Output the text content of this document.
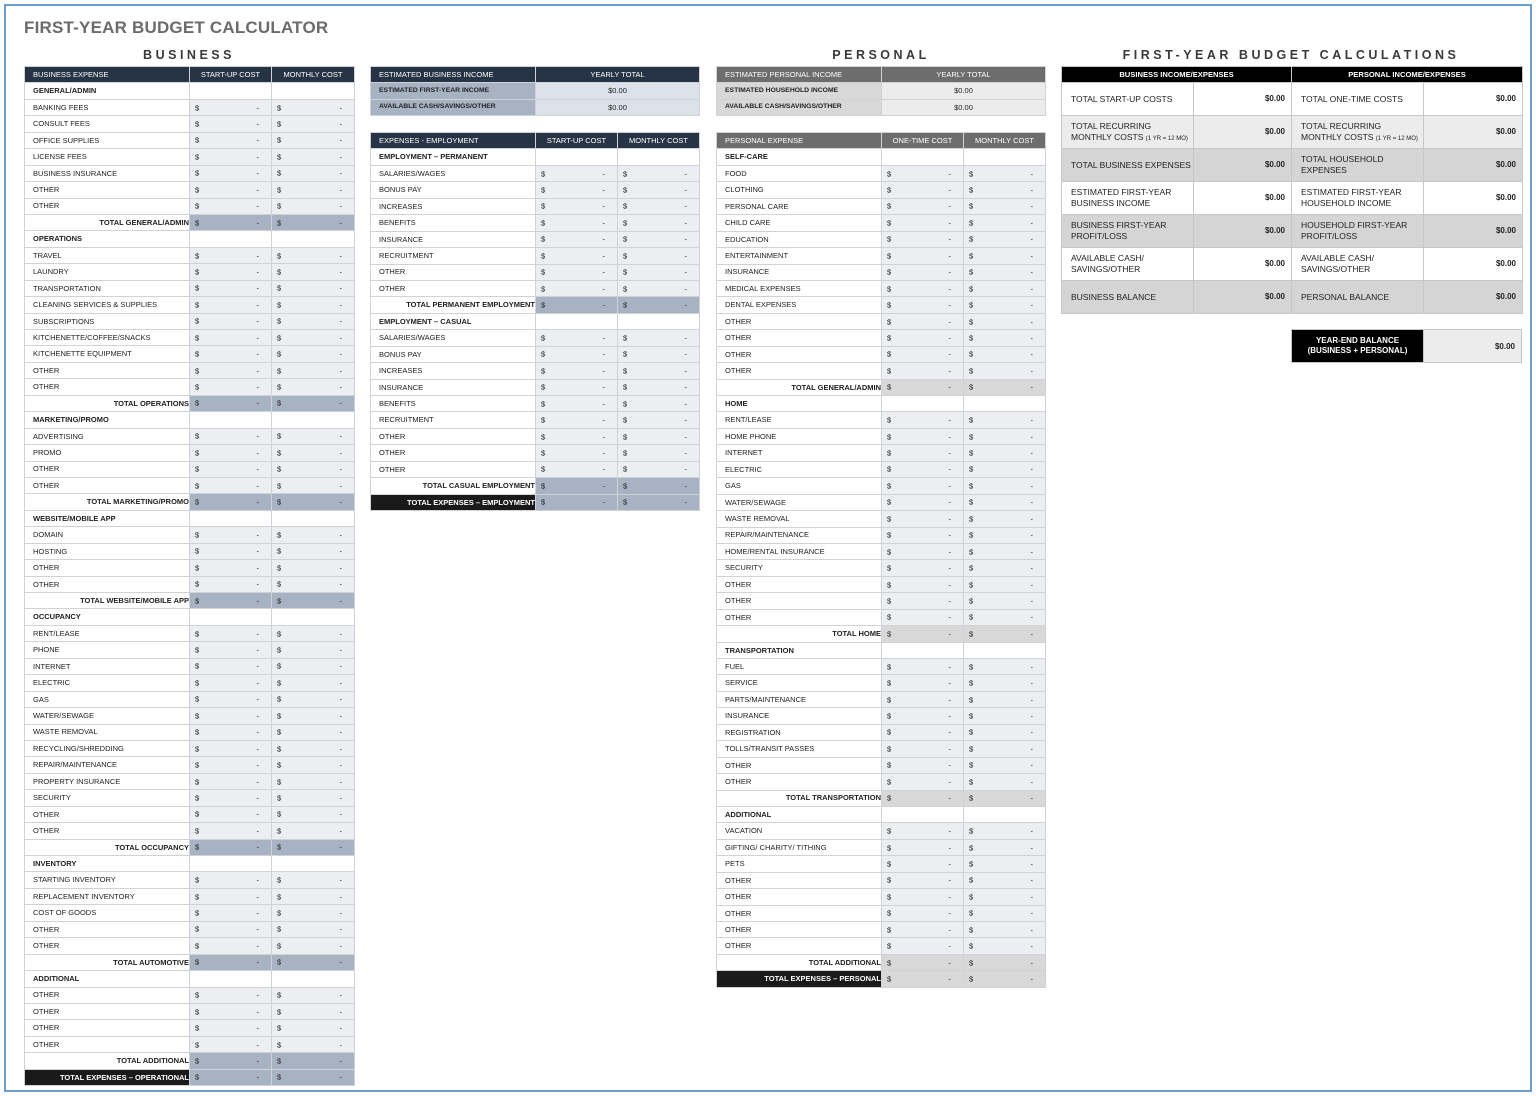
FIRST-YEAR BUDGET CALCULATOR
BUSINESS	PERSONAL	FIRST-YEAR BUDGET CALCULATIONS
BUSINESS EXPENSE	START-UP COST	MONTHLY COST
GENERAL/ADMIN		
BANKING FEES	$ -	$ -

CONSULT FEES	$ -	$ -

OFFICE SUPPLIES	$ -	$ -

LICENSE FEES	$ -	$ -

BUSINESS INSURANCE	$ -	$ -

OTHER	$ -	$ -

OTHER	$ -	$ -

TOTAL GENERAL/ADMIN	$ -	$ -

OPERATIONS		
TRAVEL	$ -	$ -

LAUNDRY	$ -	$ -

TRANSPORTATION	$ -	$ -

CLEANING SERVICES & SUPPLIES	$ -	$ -

SUBSCRIPTIONS	$ -	$ -

KITCHENETTE/COFFEE/SNACKS	$ -	$ -

KITCHENETTE EQUIPMENT	$ -	$ -

OTHER	$ -	$ -

OTHER	$ -	$ -

TOTAL OPERATIONS	$ -	$ -

MARKETING/PROMO		
ADVERTISING	$ -	$ -

PROMO	$ -	$ -

OTHER	$ -	$ -

OTHER	$ -	$ -

TOTAL MARKETING/PROMO	$ -	$ -

WEBSITE/MOBILE APP		
DOMAIN	$ -	$ -

HOSTING	$ -	$ -

OTHER	$ -	$ -

OTHER	$ -	$ -

TOTAL WEBSITE/MOBILE APP	$ -	$ -

OCCUPANCY		
RENT/LEASE	$ -	$ -

PHONE	$ -	$ -

INTERNET	$ -	$ -

ELECTRIC	$ -	$ -

GAS	$ -	$ -

WATER/SEWAGE	$ -	$ -

WASTE REMOVAL	$ -	$ -

RECYCLING/SHREDDING	$ -	$ -

REPAIR/MAINTENANCE	$ -	$ -

PROPERTY INSURANCE	$ -	$ -

SECURITY	$ -	$ -

OTHER	$ -	$ -

OTHER	$ -	$ -

TOTAL OCCUPANCY	$ -	$ -

INVENTORY		
STARTING INVENTORY	$ -	$ -

REPLACEMENT INVENTORY	$ -	$ -

COST OF GOODS	$ -	$ -

OTHER	$ -	$ -

OTHER	$ -	$ -

TOTAL AUTOMOTIVE	$ -	$ -

ADDITIONAL		
OTHER	$ -	$ -

OTHER	$ -	$ -

OTHER	$ -	$ -

OTHER	$ -	$ -

TOTAL ADDITIONAL	$ -	$ -

TOTAL EXPENSES – OPERATIONAL	$ -	$ -
ESTIMATED BUSINESS INCOME	YEARLY TOTAL
ESTIMATED FIRST-YEAR INCOME	$0.00
AVAILABLE CASH/SAVINGS/OTHER	$0.00
EXPENSES - EMPLOYMENT	START-UP COST	MONTHLY COST
EMPLOYMENT – PERMANENT		
SALARIES/WAGES	$ -	$ -

BONUS PAY	$ -	$ -

INCREASES	$ -	$ -

BENEFITS	$ -	$ -

INSURANCE	$ -	$ -

RECRUITMENT	$ -	$ -

OTHER	$ -	$ -

OTHER	$ -	$ -

TOTAL PERMANENT EMPLOYMENT	$ -	$ -

EMPLOYMENT – CASUAL		
SALARIES/WAGES	$ -	$ -

BONUS PAY	$ -	$ -

INCREASES	$ -	$ -

INSURANCE	$ -	$ -

BENEFITS	$ -	$ -

RECRUITMENT	$ -	$ -

OTHER	$ -	$ -

OTHER	$ -	$ -

OTHER	$ -	$ -

TOTAL CASUAL EMPLOYMENT	$ -	$ -

TOTAL EXPENSES – EMPLOYMENT	$ -	$ -
ESTIMATED PERSONAL INCOME	YEARLY TOTAL
ESTIMATED HOUSEHOLD INCOME	$0.00
AVAILABLE CASH/SAVINGS/OTHER	$0.00
PERSONAL EXPENSE	ONE-TIME COST	MONTHLY COST
SELF-CARE		
FOOD	$ -	$ -

CLOTHING	$ -	$ -

PERSONAL CARE	$ -	$ -

CHILD CARE	$ -	$ -

EDUCATION	$ -	$ -

ENTERTAINMENT	$ -	$ -

INSURANCE	$ -	$ -

MEDICAL EXPENSES	$ -	$ -

DENTAL EXPENSES	$ -	$ -

OTHER	$ -	$ -

OTHER	$ -	$ -

OTHER	$ -	$ -

OTHER	$ -	$ -

TOTAL GENERAL/ADMIN	$ -	$ -

HOME		
RENT/LEASE	$ -	$ -

HOME PHONE	$ -	$ -

INTERNET	$ -	$ -

ELECTRIC	$ -	$ -

GAS	$ -	$ -

WATER/SEWAGE	$ -	$ -

WASTE REMOVAL	$ -	$ -

REPAIR/MAINTENANCE	$ -	$ -

HOME/RENTAL INSURANCE	$ -	$ -

SECURITY	$ -	$ -

OTHER	$ -	$ -

OTHER	$ -	$ -

OTHER	$ -	$ -

TOTAL HOME	$ -	$ -

TRANSPORTATION		
FUEL	$ -	$ -

SERVICE	$ -	$ -

PARTS/MAINTENANCE	$ -	$ -

INSURANCE	$ -	$ -

REGISTRATION	$ -	$ -

TOLLS/TRANSIT PASSES	$ -	$ -

OTHER	$ -	$ -

OTHER	$ -	$ -

TOTAL TRANSPORTATION	$ -	$ -

ADDITIONAL		
VACATION	$ -	$ -

GIFTING/ CHARITY/ TITHING	$ -	$ -

PETS	$ -	$ -

OTHER	$ -	$ -

OTHER	$ -	$ -

OTHER	$ -	$ -

OTHER	$ -	$ -

OTHER	$ -	$ -

TOTAL ADDITIONAL	$ -	$ -

TOTAL EXPENSES – PERSONAL	$ -	$ -
BUSINESS INCOME/EXPENSES		PERSONAL INCOME/EXPENSES	
TOTAL START-UP COSTS	$0.00	TOTAL ONE-TIME COSTS	$0.00
TOTAL RECURRING MONTHLY COSTS (1 YR = 12 MO)	$0.00	TOTAL RECURRING MONTHLY COSTS (1 YR = 12 MO)	$0.00
TOTAL BUSINESS EXPENSES	$0.00	TOTAL HOUSEHOLD EXPENSES	$0.00
ESTIMATED FIRST-YEAR BUSINESS INCOME	$0.00	ESTIMATED FIRST-YEAR HOUSEHOLD INCOME	$0.00
BUSINESS FIRST-YEAR PROFIT/LOSS	$0.00	HOUSEHOLD FIRST-YEAR PROFIT/LOSS	$0.00
AVAILABLE CASH/ SAVINGS/OTHER	$0.00	AVAILABLE CASH/ SAVINGS/OTHER	$0.00
BUSINESS BALANCE	$0.00	PERSONAL BALANCE	$0.00
YEAR-END BALANCE
(BUSINESS + PERSONAL)	$0.00
